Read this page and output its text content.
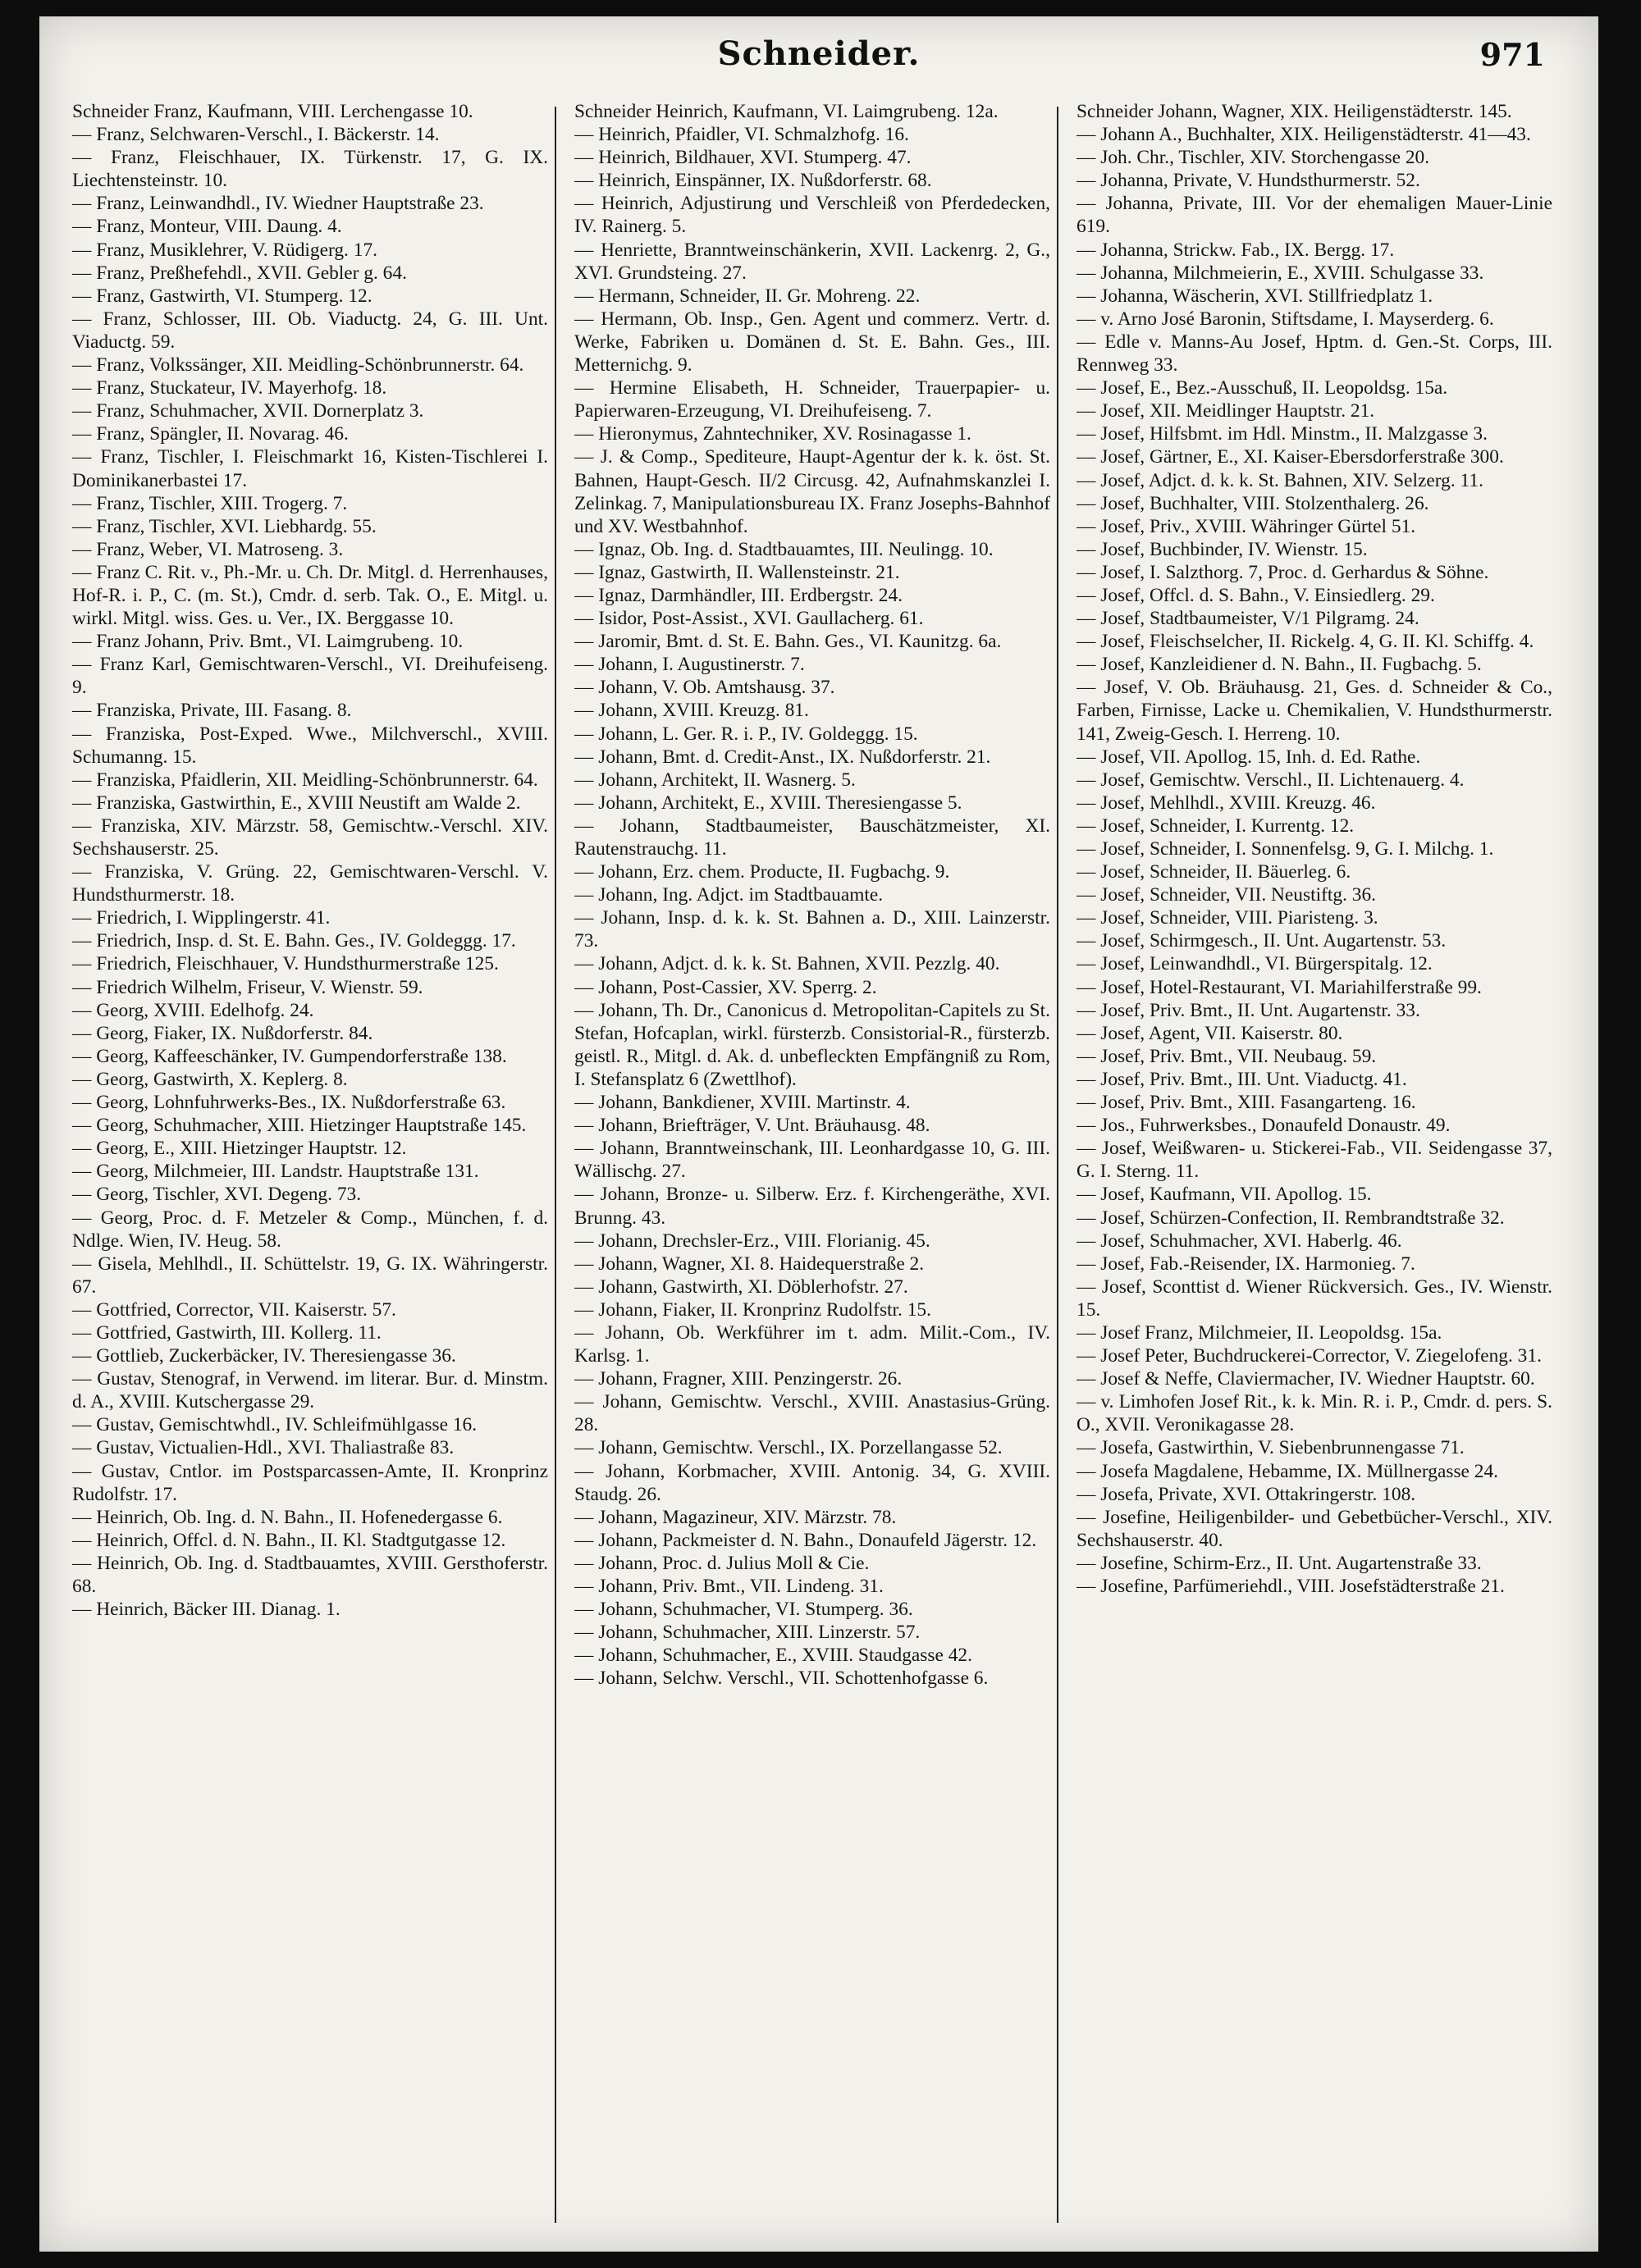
Schneider.	971

Schneider Franz, Kaufmann, VIII. Lerchengasse 10.

— Franz, Selchwaren-Verschl., I. Bäckerstr. 14.

— Franz, Fleischhauer, IX. Türkenstr. 17, G. IX. Liechtensteinstr. 10.

— Franz, Leinwandhdl., IV. Wiedner Hauptstraße 23.

— Franz, Monteur, VIII. Daung. 4.

— Franz, Musiklehrer, V. Rüdigerg. 17.

— Franz, Preßhefehdl., XVII. Gebler g. 64.

— Franz, Gastwirth, VI. Stumperg. 12.

— Franz, Schlosser, III. Ob. Viaductg. 24, G. III. Unt. Viaductg. 59.

— Franz, Volkssänger, XII. Meidling-Schönbrunnerstr. 64.

— Franz, Stuckateur, IV. Mayerhofg. 18.

— Franz, Schuhmacher, XVII. Dornerplatz 3.

— Franz, Spängler, II. Novarag. 46.

— Franz, Tischler, I. Fleischmarkt 16, Kisten-Tischlerei I. Dominikanerbastei 17.

— Franz, Tischler, XIII. Trogerg. 7.

— Franz, Tischler, XVI. Liebhardg. 55.

— Franz, Weber, VI. Matroseng. 3.

— Franz C. Rit. v., Ph.-Mr. u. Ch. Dr. Mitgl. d. Herrenhauses, Hof-R. i. P., C. (m. St.), Cmdr. d. serb. Tak. O., E. Mitgl. u. wirkl. Mitgl. wiss. Ges. u. Ver., IX. Berggasse 10.

— Franz Johann, Priv. Bmt., VI. Laimgrubeng. 10.

— Franz Karl, Gemischtwaren-Verschl., VI. Dreihufeiseng. 9.

— Franziska, Private, III. Fasang. 8.

— Franziska, Post-Exped. Wwe., Milchverschl., XVIII. Schumanng. 15.

— Franziska, Pfaidlerin, XII. Meidling-Schönbrunnerstr. 64.

— Franziska, Gastwirthin, E., XVIII Neustift am Walde 2.

— Franziska, XIV. Märzstr. 58, Gemischtw.-Verschl. XIV. Sechshauserstr. 25.

— Franziska, V. Grüng. 22, Gemischtwaren-Verschl. V. Hundsthurmerstr. 18.

— Friedrich, I. Wipplingerstr. 41.

— Friedrich, Insp. d. St. E. Bahn. Ges., IV. Goldeggg. 17.

— Friedrich, Fleischhauer, V. Hundsthurmerstraße 125.

— Friedrich Wilhelm, Friseur, V. Wienstr. 59.

— Georg, XVIII. Edelhofg. 24.

— Georg, Fiaker, IX. Nußdorferstr. 84.

— Georg, Kaffeeschänker, IV. Gumpendorferstraße 138.

— Georg, Gastwirth, X. Keplerg. 8.

— Georg, Lohnfuhrwerks-Bes., IX. Nußdorferstraße 63.

— Georg, Schuhmacher, XIII. Hietzinger Hauptstraße 145.

— Georg, E., XIII. Hietzinger Hauptstr. 12.

— Georg, Milchmeier, III. Landstr. Hauptstraße 131.

— Georg, Tischler, XVI. Degeng. 73.

— Georg, Proc. d. F. Metzeler & Comp., München, f. d. Ndlge. Wien, IV. Heug. 58.

— Gisela, Mehlhdl., II. Schüttelstr. 19, G. IX. Währingerstr. 67.

— Gottfried, Corrector, VII. Kaiserstr. 57.

— Gottfried, Gastwirth, III. Kollerg. 11.

— Gottlieb, Zuckerbäcker, IV. Theresiengasse 36.

— Gustav, Stenograf, in Verwend. im literar. Bur. d. Minstm. d. A., XVIII. Kutschergasse 29.

— Gustav, Gemischtwhdl., IV. Schleifmühlgasse 16.

— Gustav, Victualien-Hdl., XVI. Thaliastraße 83.

— Gustav, Cntlor. im Postsparcassen-Amte, II. Kronprinz Rudolfstr. 17.

— Heinrich, Ob. Ing. d. N. Bahn., II. Hofenedergasse 6.

— Heinrich, Offcl. d. N. Bahn., II. Kl. Stadtgutgasse 12.

— Heinrich, Ob. Ing. d. Stadtbauamtes, XVIII. Gersthoferstr. 68.

— Heinrich, Bäcker III. Dianag. 1.

Schneider Heinrich, Kaufmann, VI. Laimgrubeng. 12a.

— Heinrich, Pfaidler, VI. Schmalzhofg. 16.

— Heinrich, Bildhauer, XVI. Stumperg. 47.

— Heinrich, Einspänner, IX. Nußdorferstr. 68.

— Heinrich, Adjustirung und Verschleiß von Pferdedecken, IV. Rainerg. 5.

— Henriette, Branntweinschänkerin, XVII. Lackenrg. 2, G., XVI. Grundsteing. 27.

— Hermann, Schneider, II. Gr. Mohreng. 22.

— Hermann, Ob. Insp., Gen. Agent und commerz. Vertr. d. Werke, Fabriken u. Domänen d. St. E. Bahn. Ges., III. Metternichg. 9.

— Hermine Elisabeth, H. Schneider, Trauerpapier- u. Papierwaren-Erzeugung, VI. Dreihufeiseng. 7.

— Hieronymus, Zahntechniker, XV. Rosinagasse 1.

— J. & Comp., Spediteure, Haupt-Agentur der k. k. öst. St. Bahnen, Haupt-Gesch. II/2 Circusg. 42, Aufnahmskanzlei I. Zelinkag. 7, Manipulationsbureau IX. Franz Josephs-Bahnhof und XV. Westbahnhof.

— Ignaz, Ob. Ing. d. Stadtbauamtes, III. Neulingg. 10.

— Ignaz, Gastwirth, II. Wallensteinstr. 21.

— Ignaz, Darmhändler, III. Erdbergstr. 24.

— Isidor, Post-Assist., XVI. Gaullacherg. 61.

— Jaromir, Bmt. d. St. E. Bahn. Ges., VI. Kaunitzg. 6a.

— Johann, I. Augustinerstr. 7.

— Johann, V. Ob. Amtshausg. 37.

— Johann, XVIII. Kreuzg. 81.

— Johann, L. Ger. R. i. P., IV. Goldeggg. 15.

— Johann, Bmt. d. Credit-Anst., IX. Nußdorferstr. 21.

— Johann, Architekt, II. Wasnerg. 5.

— Johann, Architekt, E., XVIII. Theresiengasse 5.

— Johann, Stadtbaumeister, Bauschätzmeister, XI. Rautenstrauchg. 11.

— Johann, Erz. chem. Producte, II. Fugbachg. 9.

— Johann, Ing. Adjct. im Stadtbauamte.

— Johann, Insp. d. k. k. St. Bahnen a. D., XIII. Lainzerstr. 73.

— Johann, Adjct. d. k. k. St. Bahnen, XVII. Pezzlg. 40.

— Johann, Post-Cassier, XV. Sperrg. 2.

— Johann, Th. Dr., Canonicus d. Metropolitan-Capitels zu St. Stefan, Hofcaplan, wirkl. fürsterzb. Consistorial-R., fürsterzb. geistl. R., Mitgl. d. Ak. d. unbefleckten Empfängniß zu Rom, I. Stefansplatz 6 (Zwettlhof).

— Johann, Bankdiener, XVIII. Martinstr. 4.

— Johann, Briefträger, V. Unt. Bräuhausg. 48.

— Johann, Branntweinschank, III. Leonhardgasse 10, G. III. Wällischg. 27.

— Johann, Bronze- u. Silberw. Erz. f. Kirchengeräthe, XVI. Brunng. 43.

— Johann, Drechsler-Erz., VIII. Florianig. 45.

— Johann, Wagner, XI. 8. Haidequerstraße 2.

— Johann, Gastwirth, XI. Döblerhofstr. 27.

— Johann, Fiaker, II. Kronprinz Rudolfstr. 15.

— Johann, Ob. Werkführer im t. adm. Milit.-Com., IV. Karlsg. 1.

— Johann, Fragner, XIII. Penzingerstr. 26.

— Johann, Gemischtw. Verschl., XVIII. Anastasius-Grüng. 28.

— Johann, Gemischtw. Verschl., IX. Porzellangasse 52.

— Johann, Korbmacher, XVIII. Antonig. 34, G. XVIII. Staudg. 26.

— Johann, Magazineur, XIV. Märzstr. 78.

— Johann, Packmeister d. N. Bahn., Donaufeld Jägerstr. 12.

— Johann, Proc. d. Julius Moll & Cie.

— Johann, Priv. Bmt., VII. Lindeng. 31.

— Johann, Schuhmacher, VI. Stumperg. 36.

— Johann, Schuhmacher, XIII. Linzerstr. 57.

— Johann, Schuhmacher, E., XVIII. Staudgasse 42.

— Johann, Selchw. Verschl., VII. Schottenhofgasse 6.

Schneider Johann, Wagner, XIX. Heiligenstädterstr. 145.

— Johann A., Buchhalter, XIX. Heiligenstädterstr. 41—43.

— Joh. Chr., Tischler, XIV. Storchengasse 20.

— Johanna, Private, V. Hundsthurmerstr. 52.

— Johanna, Private, III. Vor der ehemaligen Mauer-Linie 619.

— Johanna, Strickw. Fab., IX. Bergg. 17.

— Johanna, Milchmeierin, E., XVIII. Schulgasse 33.

— Johanna, Wäscherin, XVI. Stillfriedplatz 1.

— v. Arno José Baronin, Stiftsdame, I. Mayserderg. 6.

— Edle v. Manns-Au Josef, Hptm. d. Gen.-St. Corps, III. Rennweg 33.

— Josef, E., Bez.-Ausschuß, II. Leopoldsg. 15a.

— Josef, XII. Meidlinger Hauptstr. 21.

— Josef, Hilfsbmt. im Hdl. Minstm., II. Malzgasse 3.

— Josef, Gärtner, E., XI. Kaiser-Ebersdorferstraße 300.

— Josef, Adjct. d. k. k. St. Bahnen, XIV. Selzerg. 11.

— Josef, Buchhalter, VIII. Stolzenthalerg. 26.

— Josef, Priv., XVIII. Währinger Gürtel 51.

— Josef, Buchbinder, IV. Wienstr. 15.

— Josef, I. Salzthorg. 7, Proc. d. Gerhardus & Söhne.

— Josef, Offcl. d. S. Bahn., V. Einsiedlerg. 29.

— Josef, Stadtbaumeister, V/1 Pilgramg. 24.

— Josef, Fleischselcher, II. Rickelg. 4, G. II. Kl. Schiffg. 4.

— Josef, Kanzleidiener d. N. Bahn., II. Fugbachg. 5.

— Josef, V. Ob. Bräuhausg. 21, Ges. d. Schneider & Co., Farben, Firnisse, Lacke u. Chemikalien, V. Hundsthurmerstr. 141, Zweig-Gesch. I. Herreng. 10.

— Josef, VII. Apollog. 15, Inh. d. Ed. Rathe.

— Josef, Gemischtw. Verschl., II. Lichtenauerg. 4.

— Josef, Mehlhdl., XVIII. Kreuzg. 46.

— Josef, Schneider, I. Kurrentg. 12.

— Josef, Schneider, I. Sonnenfelsg. 9, G. I. Milchg. 1.

— Josef, Schneider, II. Bäuerleg. 6.

— Josef, Schneider, VII. Neustiftg. 36.

— Josef, Schneider, VIII. Piaristeng. 3.

— Josef, Schirmgesch., II. Unt. Augartenstr. 53.

— Josef, Leinwandhdl., VI. Bürgerspitalg. 12.

— Josef, Hotel-Restaurant, VI. Mariahilferstraße 99.

— Josef, Priv. Bmt., II. Unt. Augartenstr. 33.

— Josef, Agent, VII. Kaiserstr. 80.

— Josef, Priv. Bmt., VII. Neubaug. 59.

— Josef, Priv. Bmt., III. Unt. Viaductg. 41.

— Josef, Priv. Bmt., XIII. Fasangarteng. 16.

— Jos., Fuhrwerksbes., Donaufeld Donaustr. 49.

— Josef, Weißwaren- u. Stickerei-Fab., VII. Seidengasse 37, G. I. Sterng. 11.

— Josef, Kaufmann, VII. Apollog. 15.

— Josef, Schürzen-Confection, II. Rembrandtstraße 32.

— Josef, Schuhmacher, XVI. Haberlg. 46.

— Josef, Fab.-Reisender, IX. Harmonieg. 7.

— Josef, Sconttist d. Wiener Rückversich. Ges., IV. Wienstr. 15.

— Josef Franz, Milchmeier, II. Leopoldsg. 15a.

— Josef Peter, Buchdruckerei-Corrector, V. Ziegelofeng. 31.

— Josef & Neffe, Claviermacher, IV. Wiedner Hauptstr. 60.

— v. Limhofen Josef Rit., k. k. Min. R. i. P., Cmdr. d. pers. S. O., XVII. Veronikagasse 28.

— Josefa, Gastwirthin, V. Siebenbrunnengasse 71.

— Josefa Magdalene, Hebamme, IX. Müllnergasse 24.

— Josefa, Private, XVI. Ottakringerstr. 108.

— Josefine, Heiligenbilder- und Gebetbücher-Verschl., XIV. Sechshauserstr. 40.

— Josefine, Schirm-Erz., II. Unt. Augartenstraße 33.

— Josefine, Parfümeriehdl., VIII. Josefstädterstraße 21.
